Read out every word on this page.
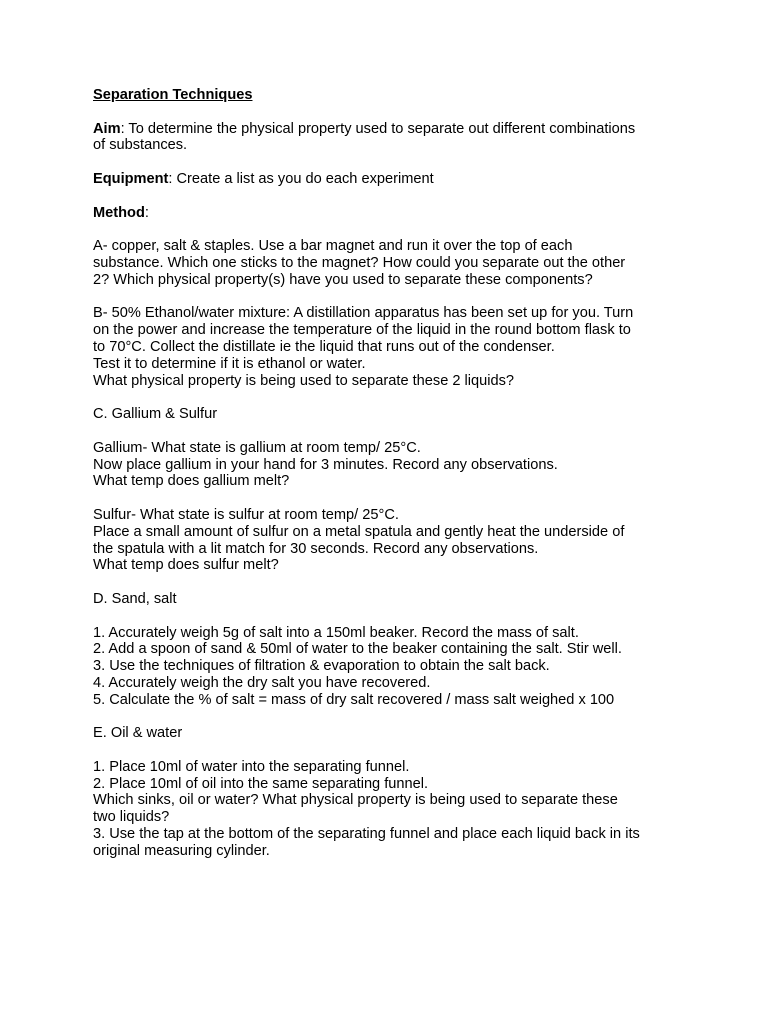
Separation Techniques
Aim: To determine the physical property used to separate out different combinations
of substances.
Equipment: Create a list as you do each experiment
Method:
A- copper, salt & staples. Use a bar magnet and run it over the top of each
substance. Which one sticks to the magnet? How could you separate out the other
2? Which physical property(s) have you used to separate these components?
B- 50% Ethanol/water mixture: A distillation apparatus has been set up for you. Turn
on the power and increase the temperature of the liquid in the round bottom flask to
to 70°C. Collect the distillate ie the liquid that runs out of the condenser.
Test it to determine if it is ethanol or water.
What physical property is being used to separate these 2 liquids?
C. Gallium & Sulfur
Gallium- What state is gallium at room temp/ 25°C.
Now place gallium in your hand for 3 minutes. Record any observations.
What temp does gallium melt?
Sulfur- What state is sulfur at room temp/ 25°C.
Place a small amount of sulfur on a metal spatula and gently heat the underside of
the spatula with a lit match for 30 seconds. Record any observations.
What temp does sulfur melt?
D. Sand, salt
1. Accurately weigh 5g of salt into a 150ml beaker. Record the mass of salt.
2. Add a spoon of sand & 50ml of water to the beaker containing the salt. Stir well.
3. Use the techniques of filtration & evaporation to obtain the salt back.
4. Accurately weigh the dry salt you have recovered.
5. Calculate the % of salt = mass of dry salt recovered / mass salt weighed x 100
E. Oil & water
1. Place 10ml of water into the separating funnel.
2. Place 10ml of oil into the same separating funnel.
Which sinks, oil or water? What physical property is being used to separate these
two liquids?
3. Use the tap at the bottom of the separating funnel and place each liquid back in its
original measuring cylinder.
